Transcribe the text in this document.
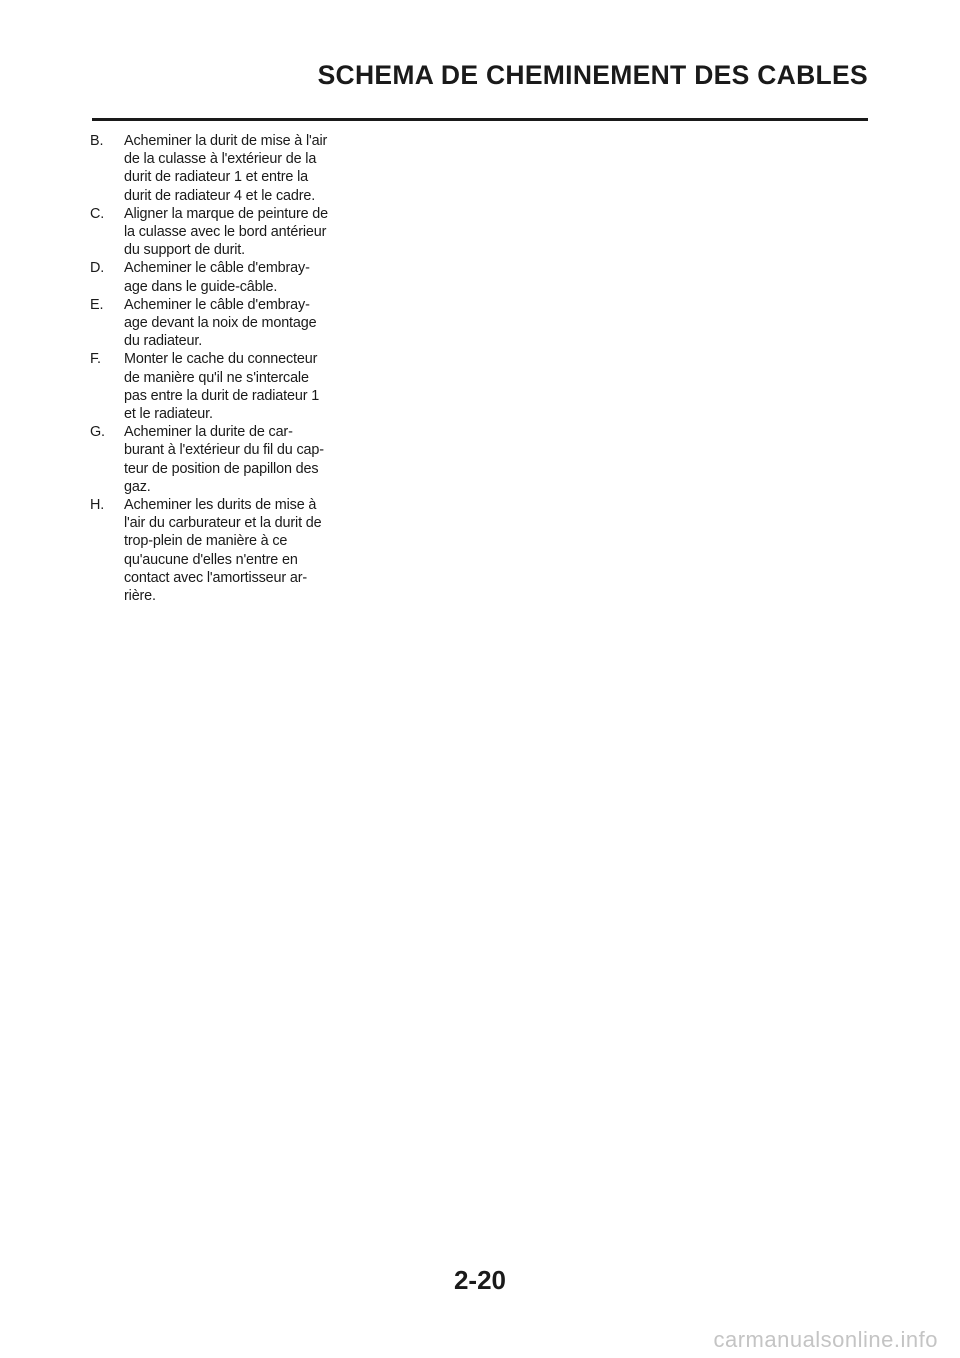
SCHEMA DE CHEMINEMENT DES CABLES
B.	Acheminer la durit de mise à l'air
de la culasse à l'extérieur de la
durit de radiateur 1 et entre la
durit de radiateur 4 et le cadre.
C.	Aligner la marque de peinture de
la culasse avec le bord antérieur
du support de durit.
D.	Acheminer le câble d'embray-
age dans le guide-câble.
E.	Acheminer le câble d'embray-
age devant la noix de montage
du radiateur.
F.	Monter le cache du connecteur
de manière qu'il ne s'intercale
pas entre la durit de radiateur 1
et le radiateur.
G.	Acheminer la durite de car-
burant à l'extérieur du fil du cap-
teur de position de papillon des
gaz.
H.	Acheminer les durits de mise à
l'air du carburateur et la durit de
trop-plein de manière à ce
qu'aucune d'elles n'entre en
contact avec l'amortisseur ar-
rière.

2-20

carmanualsonline.info
